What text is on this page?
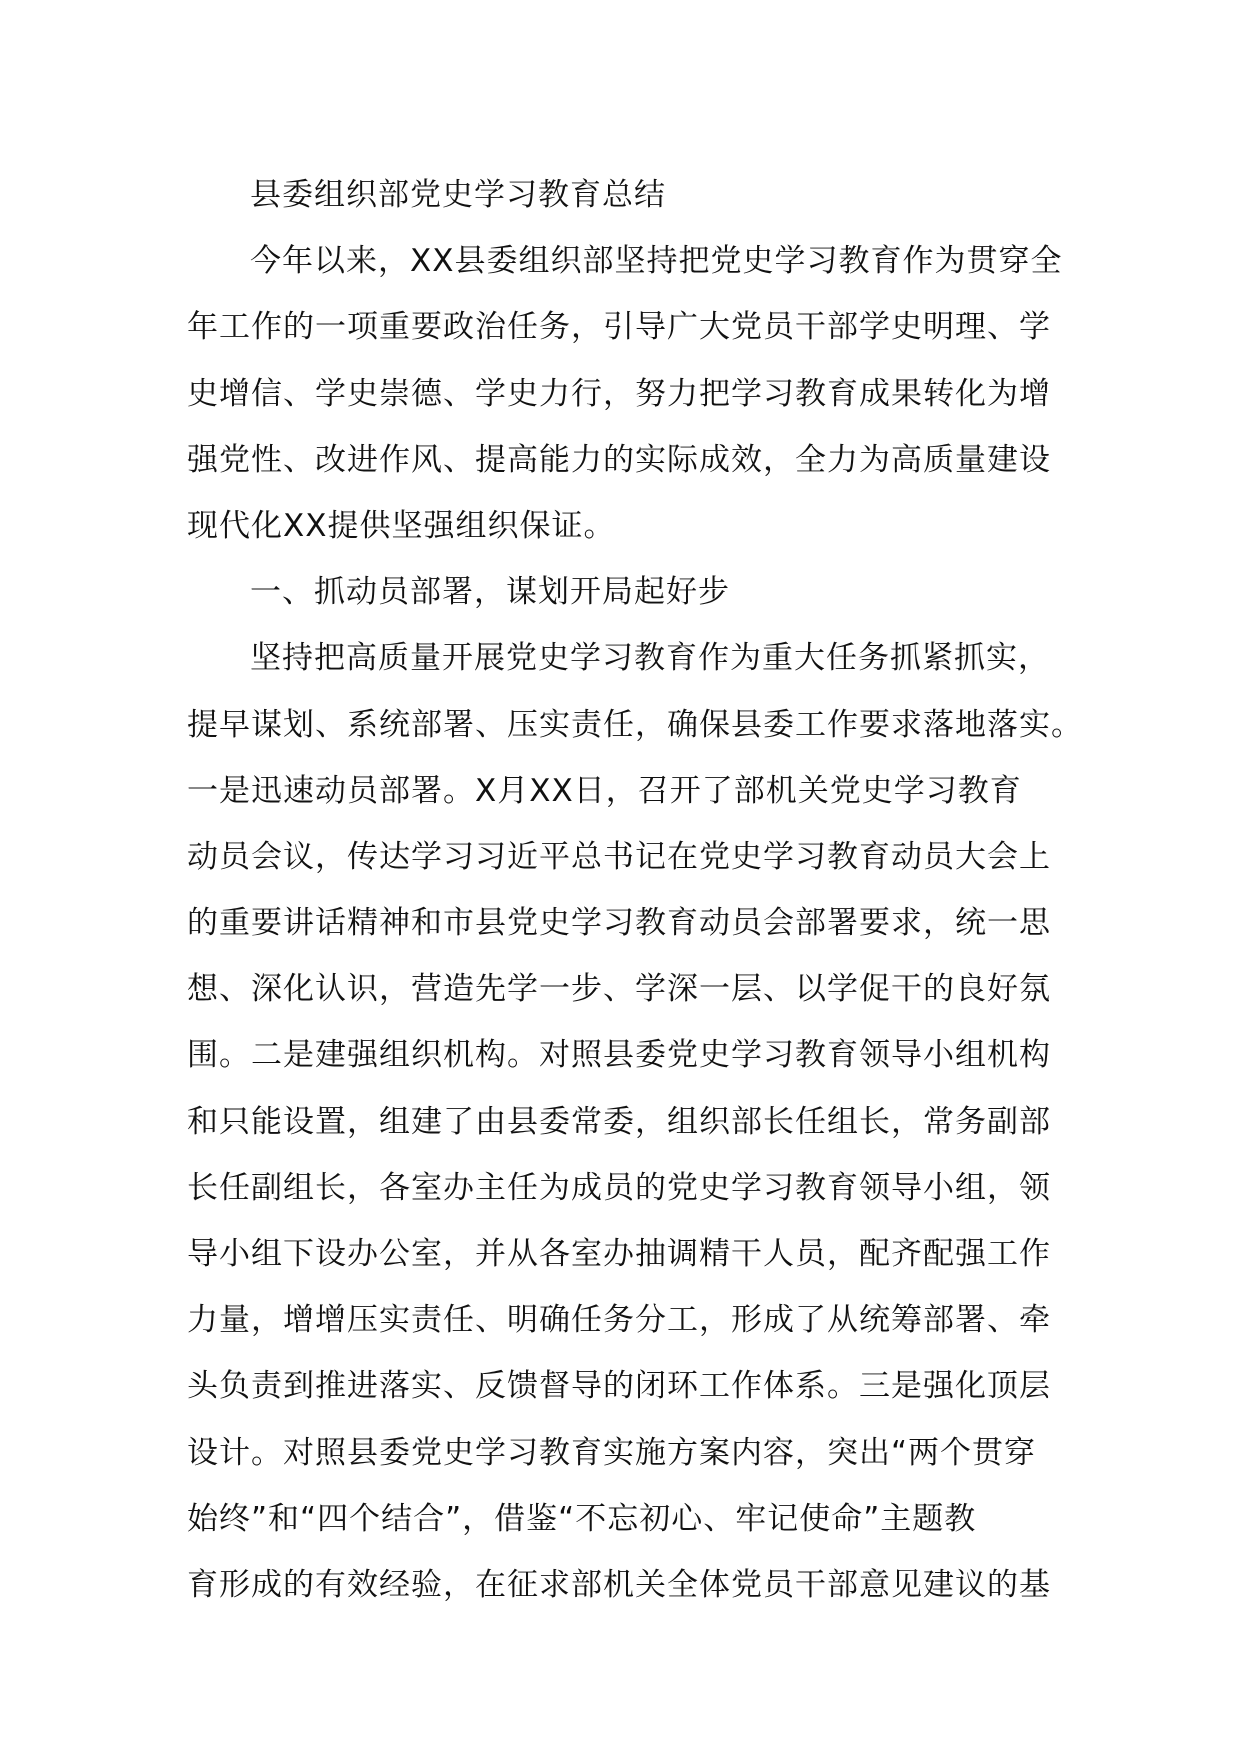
县委组织部党史学习教育总结
今年以来，XX县委组织部坚持把党史学习教育作为贯穿全
年工作的一项重要政治任务，引导广大党员干部学史明理、学
史增信、学史崇德、学史力行，努力把学习教育成果转化为增
强党性、改进作风、提高能力的实际成效，全力为高质量建设
现代化XX提供坚强组织保证。
一、抓动员部署，谋划开局起好步
坚持把高质量开展党史学习教育作为重大任务抓紧抓实，
提早谋划、系统部署、压实责任，确保县委工作要求落地落实。
一是迅速动员部署。X月XX日，召开了部机关党史学习教育
动员会议，传达学习习近平总书记在党史学习教育动员大会上
的重要讲话精神和市县党史学习教育动员会部署要求，统一思
想、深化认识，营造先学一步、学深一层、以学促干的良好氛
围。二是建强组织机构。对照县委党史学习教育领导小组机构
和只能设置，组建了由县委常委，组织部长任组长，常务副部
长任副组长，各室办主任为成员的党史学习教育领导小组，领
导小组下设办公室，并从各室办抽调精干人员，配齐配强工作
力量，增增压实责任、明确任务分工，形成了从统筹部署、牵
头负责到推进落实、反馈督导的闭环工作体系。三是强化顶层
设计。对照县委党史学习教育实施方案内容，突出“两个贯穿
始终”和“四个结合”，借鉴“不忘初心、牢记使命”主题教
育形成的有效经验，在征求部机关全体党员干部意见建议的基
